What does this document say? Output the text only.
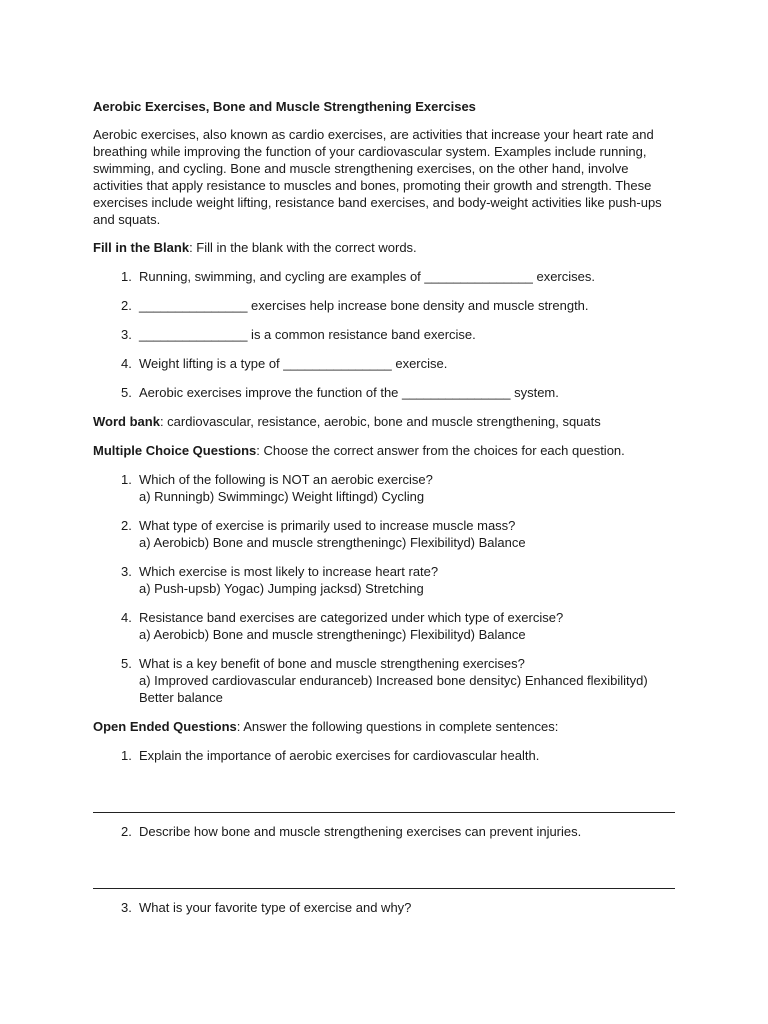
Aerobic Exercises, Bone and Muscle Strengthening Exercises
Aerobic exercises, also known as cardio exercises, are activities that increase your heart rate and breathing while improving the function of your cardiovascular system. Examples include running, swimming, and cycling. Bone and muscle strengthening exercises, on the other hand, involve activities that apply resistance to muscles and bones, promoting their growth and strength. These exercises include weight lifting, resistance band exercises, and body-weight activities like push-ups and squats.
Fill in the Blank: Fill in the blank with the correct words.
1. Running, swimming, and cycling are examples of _______________ exercises.
2. _______________ exercises help increase bone density and muscle strength.
3. _______________ is a common resistance band exercise.
4. Weight lifting is a type of _______________ exercise.
5. Aerobic exercises improve the function of the _______________ system.
Word bank: cardiovascular, resistance, aerobic, bone and muscle strengthening, squats
Multiple Choice Questions: Choose the correct answer from the choices for each question.
1. Which of the following is NOT an aerobic exercise?
a) Runningb) Swimmingc) Weight liftingd) Cycling
2. What type of exercise is primarily used to increase muscle mass?
a) Aerobicb) Bone and muscle strengtheningc) Flexibilityd) Balance
3. Which exercise is most likely to increase heart rate?
a) Push-upsb) Yogac) Jumping jacksd) Stretching
4. Resistance band exercises are categorized under which type of exercise?
a) Aerobicb) Bone and muscle strengtheningc) Flexibilityd) Balance
5. What is a key benefit of bone and muscle strengthening exercises?
a) Improved cardiovascular enduranceb) Increased bone densityc) Enhanced flexibilityd) Better balance
Open Ended Questions: Answer the following questions in complete sentences:
1. Explain the importance of aerobic exercises for cardiovascular health.
2. Describe how bone and muscle strengthening exercises can prevent injuries.
3. What is your favorite type of exercise and why?
